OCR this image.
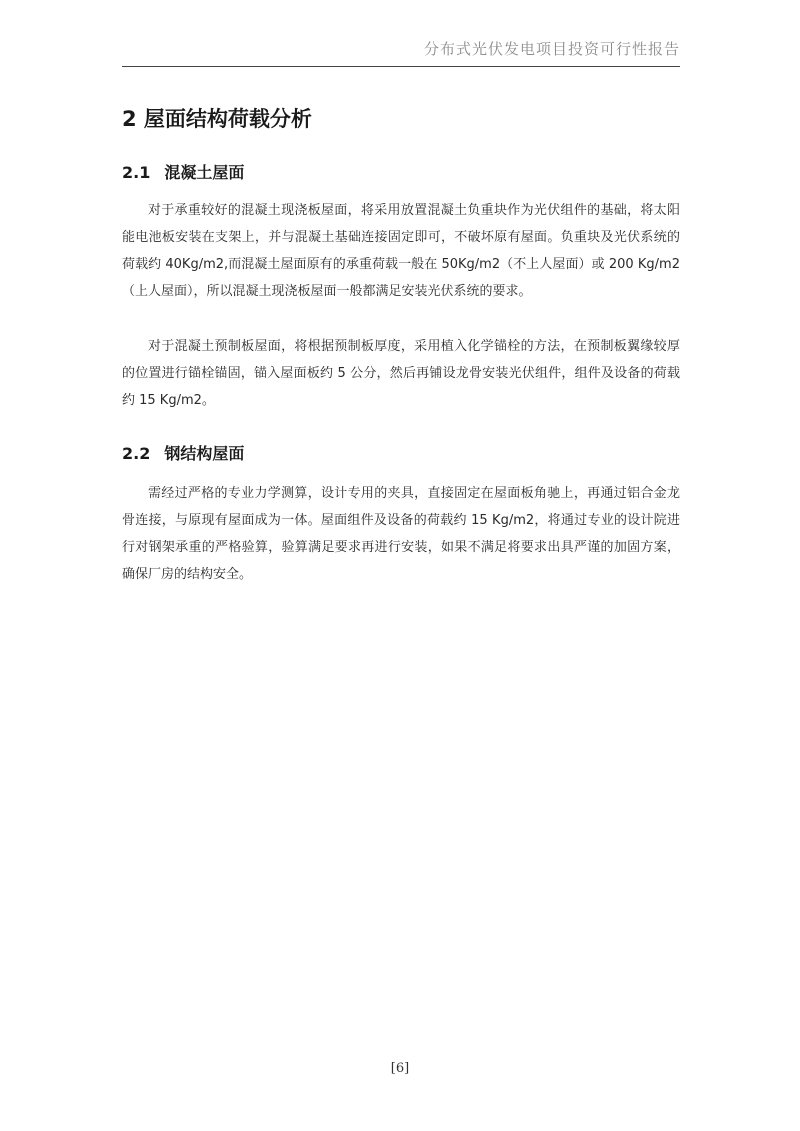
分布式光伏发电项目投资可行性报告
2 屋面结构荷载分析
2.1 混凝土屋面

对于承重较好的混凝土现浇板屋面，将采用放置混凝土负重块作为光伏组件的基础，将太阳能电池板安装在支架上，并与混凝土基础连接固定即可，不破坏原有屋面。负重块及光伏系统的荷载约 40Kg/m2,而混凝土屋面原有的承重荷载一般在 50Kg/m2（不上人屋面）或 200 Kg/m2（上人屋面），所以混凝土现浇板屋面一般都满足安装光伏系统的要求。

对于混凝土预制板屋面，将根据预制板厚度，采用植入化学锚栓的方法，在预制板翼缘较厚的位置进行锚栓锚固，锚入屋面板约 5 公分，然后再铺设龙骨安装光伏组件，组件及设备的荷载约 15 Kg/m2。

2.2 钢结构屋面

需经过严格的专业力学测算，设计专用的夹具，直接固定在屋面板角驰上，再通过铝合金龙骨连接，与原现有屋面成为一体。屋面组件及设备的荷载约 15 Kg/m2，将通过专业的设计院进行对钢架承重的严格验算，验算满足要求再进行安装，如果不满足将要求出具严谨的加固方案，确保厂房的结构安全。

[6]
